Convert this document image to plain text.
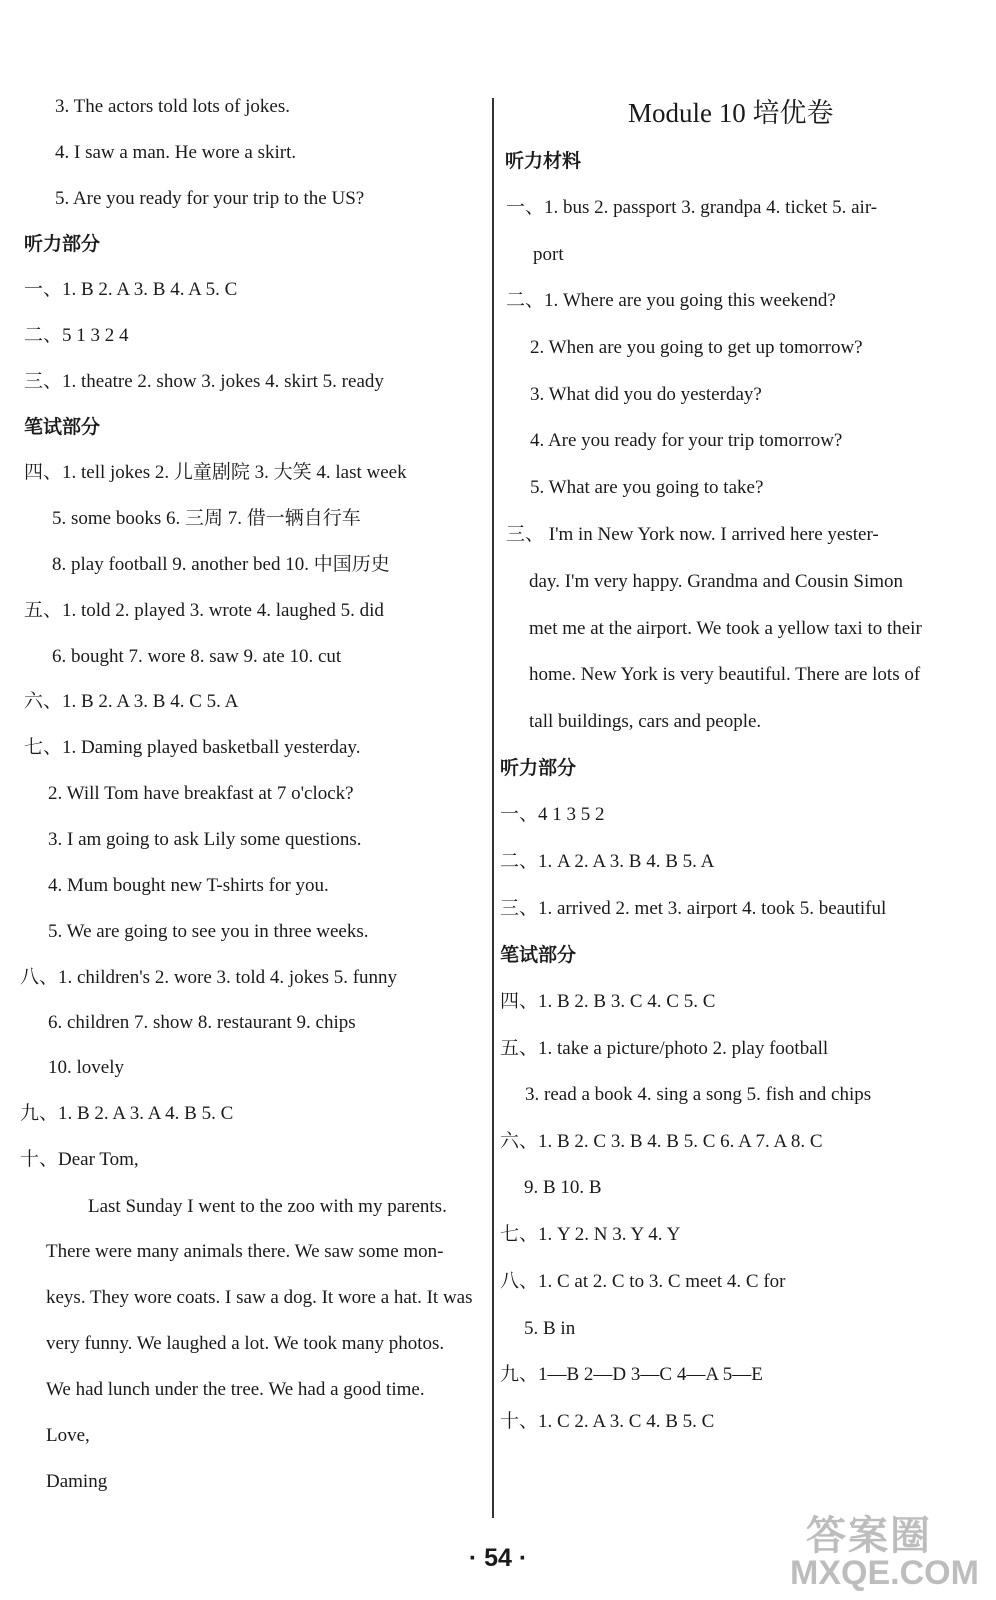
3. The actors told lots of jokes.
4. I saw a man. He wore a skirt.
5. Are you ready for your trip to the US?
听力部分
一、1. B 2. A 3. B 4. A 5. C
二、5 1 3 2 4
三、1. theatre 2. show 3. jokes 4. skirt 5. ready
笔试部分
四、1. tell jokes 2. 儿童剧院 3. 大笑 4. last week
5. some books 6. 三周 7. 借一辆自行车
8. play football 9. another bed 10. 中国历史
五、1. told 2. played 3. wrote 4. laughed 5. did
6. bought 7. wore 8. saw 9. ate 10. cut
六、1. B 2. A 3. B 4. C 5. A
七、1. Daming played basketball yesterday.
2. Will Tom have breakfast at 7 o'clock?
3. I am going to ask Lily some questions.
4. Mum bought new T-shirts for you.
5. We are going to see you in three weeks.
八、1. children's 2. wore 3. told 4. jokes 5. funny
6. children 7. show 8. restaurant 9. chips
10. lovely
九、1. B 2. A 3. A 4. B 5. C
十、Dear Tom,
Last Sunday I went to the zoo with my parents.
There were many animals there. We saw some mon-
keys. They wore coats. I saw a dog. It wore a hat. It was
very funny. We laughed a lot. We took many photos.
We had lunch under the tree. We had a good time.
Love,
Daming
Module 10 培优卷
听力材料
一、1. bus 2. passport 3. grandpa 4. ticket 5. air-
port
二、1. Where are you going this weekend?
2. When are you going to get up tomorrow?
3. What did you do yesterday?
4. Are you ready for your trip tomorrow?
5. What are you going to take?
三、 I'm in New York now. I arrived here yester-
day. I'm very happy. Grandma and Cousin Simon
met me at the airport. We took a yellow taxi to their
home. New York is very beautiful. There are lots of
tall buildings, cars and people.
听力部分
一、4 1 3 5 2
二、1. A 2. A 3. B 4. B 5. A
三、1. arrived 2. met 3. airport 4. took 5. beautiful
笔试部分
四、1. B 2. B 3. C 4. C 5. C
五、1. take a picture/photo 2. play football
3. read a book 4. sing a song 5. fish and chips
六、1. B 2. C 3. B 4. B 5. C 6. A 7. A 8. C
9. B 10. B
七、1. Y 2. N 3. Y 4. Y
八、1. C at 2. C to 3. C meet 4. C for
5. B in
九、1—B 2—D 3—C 4—A 5—E
十、1. C 2. A 3. C 4. B 5. C
· 54 ·	答案圈
MXQE.COM
